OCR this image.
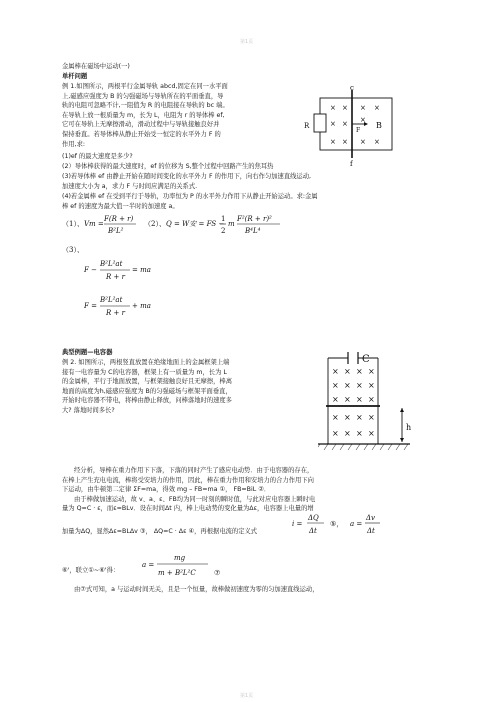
第1页
第1页
金属棒在磁场中运动(一)
单杆问题
例 1.如图所示，两根平行金属导轨 abcd,固定在同一水平面
上,磁感应强度为 B 的匀强磁场与导轨所在的平面垂直，导
轨的电阻可忽略不计,一阻值为 R 的电阻接在导轨的 bc 端。
在导轨上放一根质量为 m，长为 L，电阻为 r 的导体棒 ef,
它可在导轨上无摩擦滑动，滑动过程中与导轨接触良好并
保持垂直。若导体棒从静止开始受一恒定的水平外力 F 的
作用,求:
R
c
f
F
B
× × × ×
× × ×
× × × ×
(1)ef 的最大速度是多少?
(2）导体棒获得的最大速度时，ef 的位移为 S,整个过程中回路产生的焦耳热
(3)若导体棒 ef 由静止开始在随时间变化的水平外力 F 的作用下，向右作匀加速直线运动,
加速度大小为 a，求力 F 与时间应满足的关系式.
(4)若金属棒 ef 在受到平行于导轨，功率恒为 P 的水平外力作用下从静止开始运动。求:金属
棒 ef 的速度为最大值一半时的加速度 a。
（1）、 Vm =
F(R + r)
B²L²
（2）、 Q = W安 = FS −
1
2
m
F²(R + r)²
B⁴L⁴
（3）、
F −
B²L²at
R + r
= ma
F =
B²L²at
R + r
+ ma
典型例题—电容器
例 2. 如图所示，两根竖直放置在绝缘地面上的金属框架上端
接有一电容量为 C的电容器，框架上有一质量为 m，长为 L
的金属棒，平行于地面放置，与框架接触良好且无摩擦，棒离
地面的高度为h,磁感应强度为 B的匀强磁场与框架平面垂直，
开始时电容器不带电，将棒由静止释放，问棒落地时的速度多
大? 落地时间多长?
C
h
× × × ×
× × × ×
× × × ×
× × × ×
× × × ×
经分析，导棒在重力作用下下落，下落的同时产生了感应电动势．由于电容器的存在，
在棒上产生充电电流，棒将受安培力的作用，因此，棒在重力作用和安培力的合力作用下向
下运动，由牛顿第二定律 ΣF=ma，得效 mg – FB=ma ①， FB=BiL ②．
由于棒做加速运动，故 v、a、ε、FB均为同一时刻的瞬时值，与此对应电容器上瞬时电
量为 Q=C · ε，而ε=BLv．设在时间Δt 内，棒上电动势的变化量为Δε，电容器上电量的增
加量为ΔQ，显然Δε=BLΔv ③， ΔQ=C · Δε ④，再根据电流的定义式
i =
ΔQ
Δt
⑤， a =
Δv
Δt
⑥'，联立①~⑥'得：
a =
mg
m + B²L²C	⑦
由⑦式可知，a 与运动时间无关，且是一个恒量，故棒做初速度为零的匀加速直线运动，
